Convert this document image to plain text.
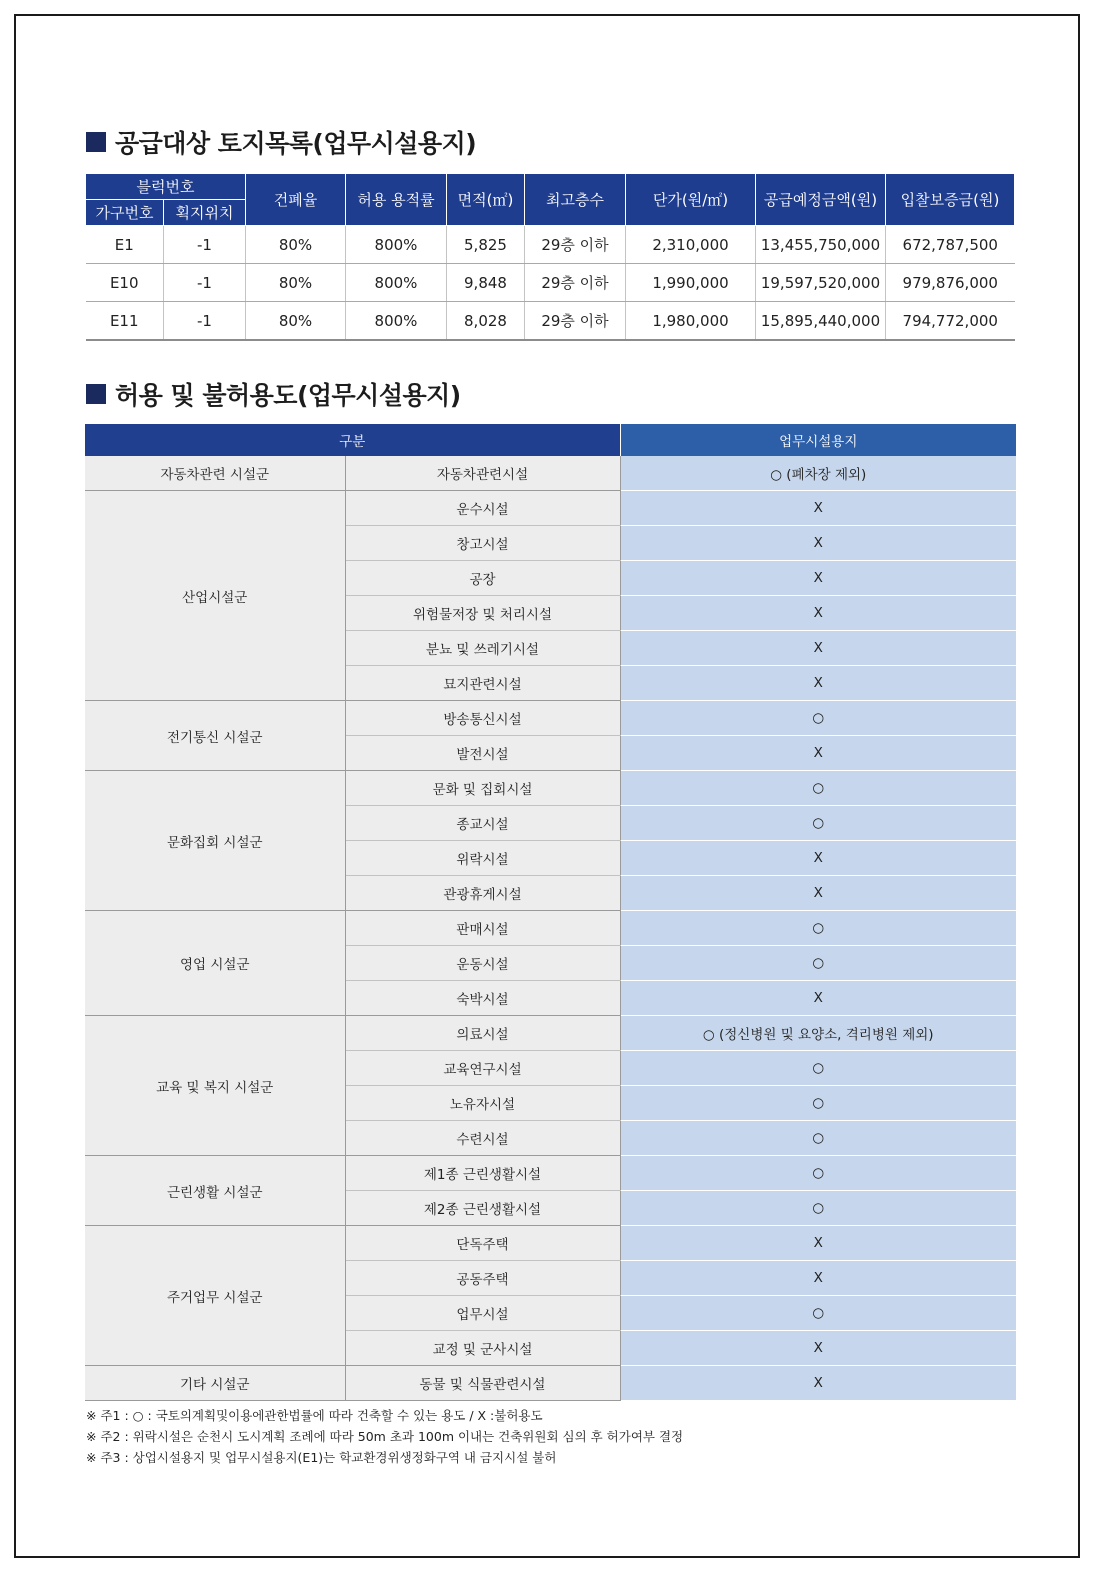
공급대상 토지목록(업무시설용지)
블럭번호		건폐율	허용 용적률	면적(㎡)	최고층수	단가(원/㎡)	공급예정금액(원)	입찰보증금(원)
가구번호	획지위치							
E1	-1	80%	800%	5,825	29층 이하	2,310,000	13,455,750,000	672,787,500
E10	-1	80%	800%	9,848	29층 이하	1,990,000	19,597,520,000	979,876,000
E11	-1	80%	800%	8,028	29층 이하	1,980,000	15,895,440,000	794,772,000
허용 및 불허용도(업무시설용지)
구분		업무시설용지
자동차관련 시설군	자동차관련시설	○ (폐차장 제외)
산업시설군	운수시설	X
	창고시설	X
	공장	X
	위험물저장 및 처리시설	X
	분뇨 및 쓰레기시설	X
	묘지관련시설	X
전기통신 시설군	방송통신시설	○
	발전시설	X
문화집회 시설군	문화 및 집회시설	○
	종교시설	○
	위락시설	X
	관광휴게시설	X
영업 시설군	판매시설	○
	운동시설	○
	숙박시설	X
교육 및 복지 시설군	의료시설	○ (정신병원 및 요양소, 격리병원 제외)
	교육연구시설	○
	노유자시설	○
	수련시설	○
근린생활 시설군	제1종 근린생활시설	○
	제2종 근린생활시설	○
주거업무 시설군	단독주택	X
	공동주택	X
	업무시설	○
	교정 및 군사시설	X
기타 시설군	동물 및 식물관련시설	X
※ 주1 : ○ : 국토의계획및이용에관한법률에 따라 건축할 수 있는 용도 / X :불허용도
※ 주2 : 위락시설은 순천시 도시계획 조례에 따라 50m 초과 100m 이내는 건축위원회 심의 후 허가여부 결정
※ 주3 : 상업시설용지 및 업무시설용지(E1)는 학교환경위생정화구역 내 금지시설 불허
